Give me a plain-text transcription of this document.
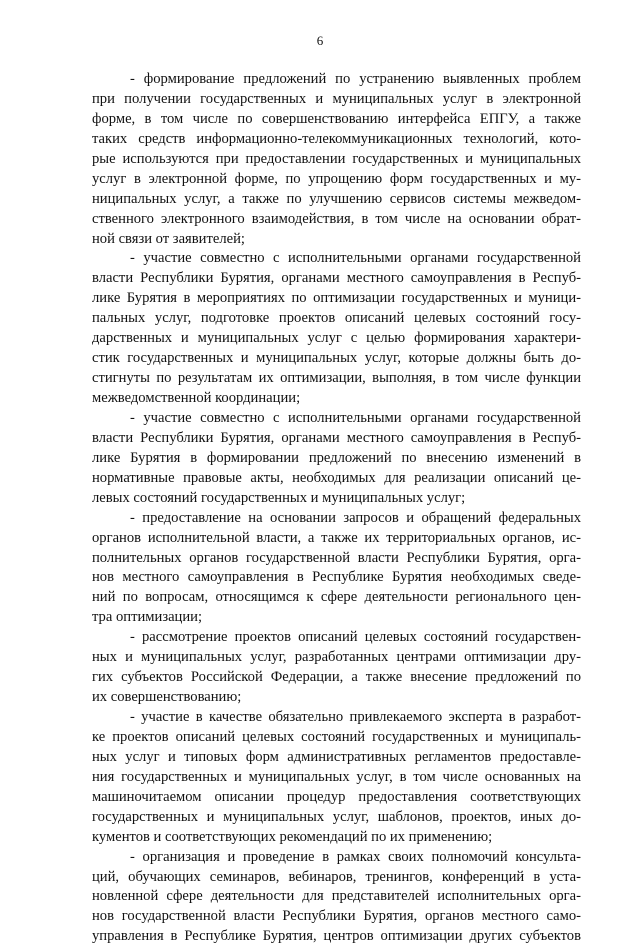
6
- формирование предложений по устранению выявленных проблем
при получении государственных и муниципальных услуг в электронной
форме, в том числе по совершенствованию интерфейса ЕПГУ, а также
таких средств информационно-телекоммуникационных технологий, кото-
рые используются при предоставлении государственных и муниципальных
услуг в электронной форме, по упрощению форм государственных и му-
ниципальных услуг, а также по улучшению сервисов системы межведом-
ственного электронного взаимодействия, в том числе на основании обрат-
ной связи от заявителей;
- участие совместно с исполнительными органами государственной
власти Республики Бурятия, органами местного самоуправления в Респуб-
лике Бурятия в мероприятиях по оптимизации государственных и муници-
пальных услуг, подготовке проектов описаний целевых состояний госу-
дарственных и муниципальных услуг с целью формирования характери-
стик государственных и муниципальных услуг, которые должны быть до-
стигнуты по результатам их оптимизации, выполняя, в том числе функции
межведомственной координации;
- участие совместно с исполнительными органами государственной
власти Республики Бурятия, органами местного самоуправления в Респуб-
лике Бурятия в формировании предложений по внесению изменений в
нормативные правовые акты, необходимых для реализации описаний це-
левых состояний государственных и муниципальных услуг;
- предоставление на основании запросов и обращений федеральных
органов исполнительной власти, а также их территориальных органов, ис-
полнительных органов государственной власти Республики Бурятия, орга-
нов местного самоуправления в Республике Бурятия необходимых сведе-
ний по вопросам, относящимся к сфере деятельности регионального цен-
тра оптимизации;
- рассмотрение проектов описаний целевых состояний государствен-
ных и муниципальных услуг, разработанных центрами оптимизации дру-
гих субъектов Российской Федерации, а также внесение предложений по
их совершенствованию;
- участие в качестве обязательно привлекаемого эксперта в разработ-
ке проектов описаний целевых состояний государственных и муниципаль-
ных услуг и типовых форм административных регламентов предоставле-
ния государственных и муниципальных услуг, в том числе основанных на
машиночитаемом описании процедур предоставления соответствующих
государственных и муниципальных услуг, шаблонов, проектов, иных до-
кументов и соответствующих рекомендаций по их применению;
- организация и проведение в рамках своих полномочий консульта-
ций, обучающих семинаров, вебинаров, тренингов, конференций в уста-
новленной сфере деятельности для представителей исполнительных орга-
нов государственной власти Республики Бурятия, органов местного само-
управления в Республике Бурятия, центров оптимизации других субъектов
